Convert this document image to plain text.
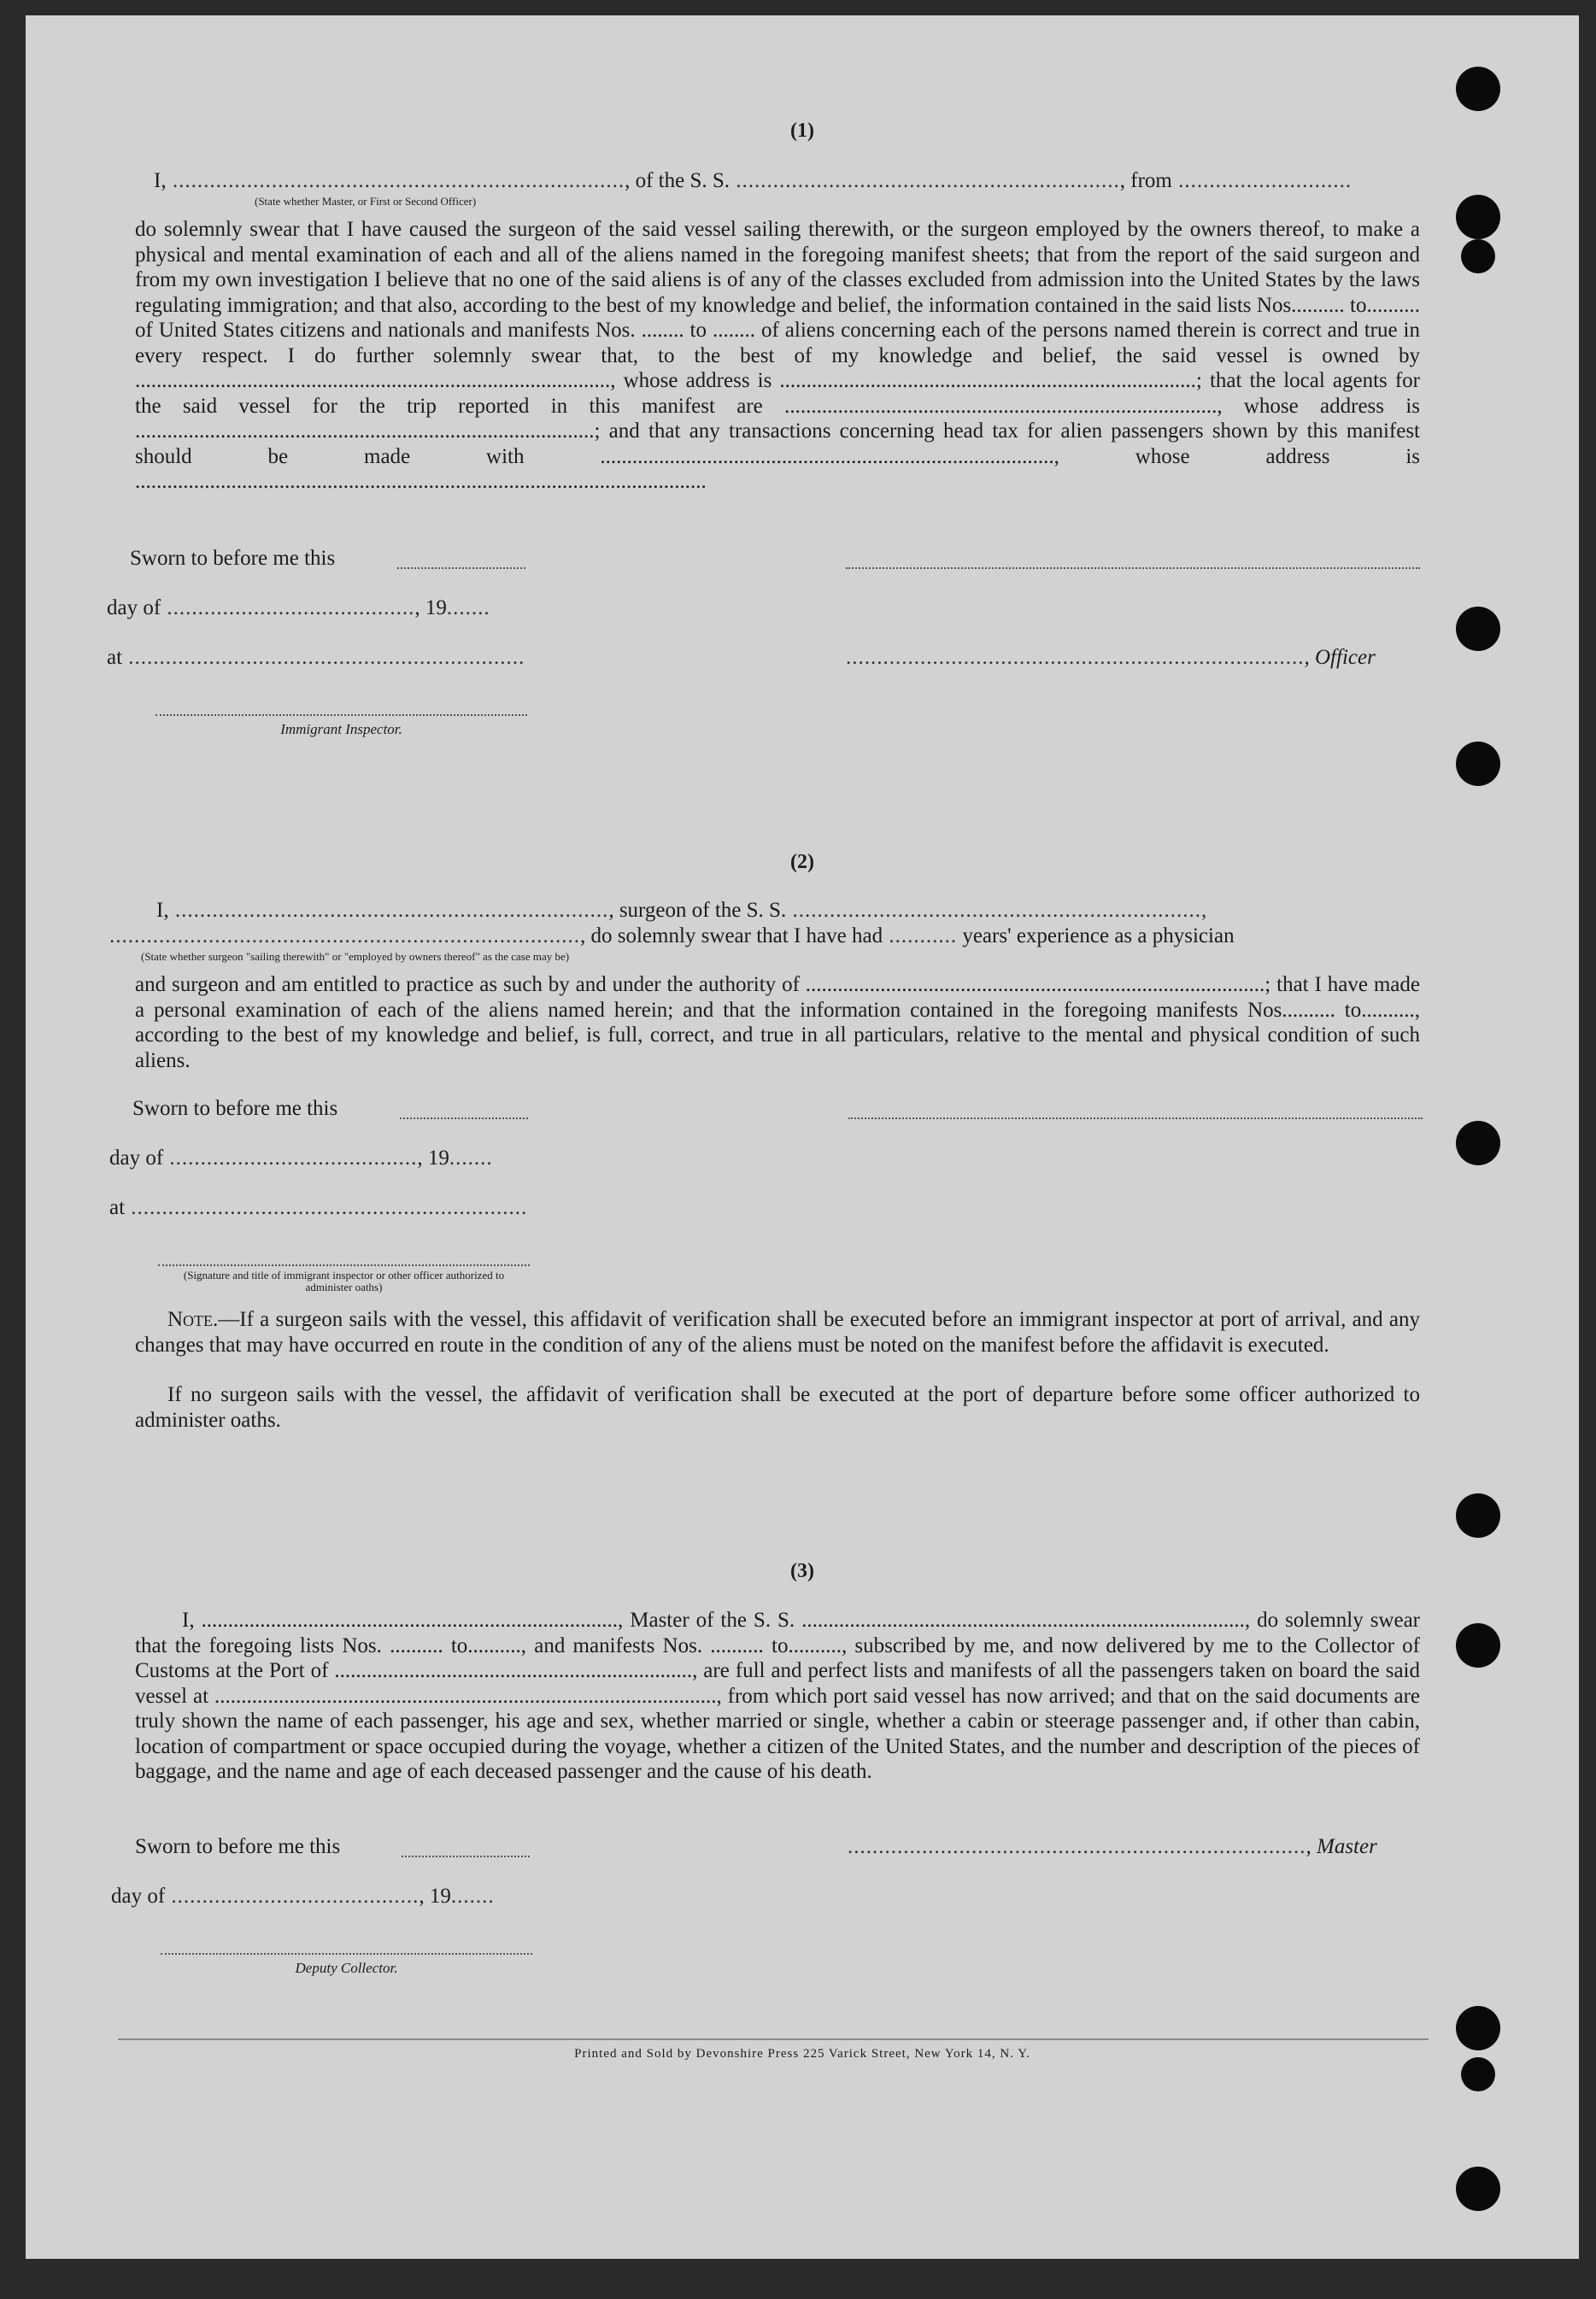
(1)
I, ........................................................................., of the S. S. .............................................................., from ............................
(State whether Master, or First or Second Officer)
do solemnly swear that I have caused the surgeon of the said vessel sailing therewith, or the surgeon employed by the owners thereof, to make a physical and mental examination of each and all of the aliens named in the foregoing manifest sheets; that from the report of the said surgeon and from my own investigation I believe that no one of the said aliens is of any of the classes excluded from admission into the United States by the laws regulating immigration; and that also, according to the best of my knowledge and belief, the information contained in the said lists Nos.......... to.......... of United States citizens and nationals and manifests Nos. ........ to ........ of aliens concerning each of the persons named therein is correct and true in every respect. I do further solemnly swear that, to the best of my knowledge and belief, the said vessel is owned by ........................................................................................., whose address is ..............................................................................; that the local agents for the said vessel for the trip reported in this manifest are ................................................................................., whose address is ......................................................................................; and that any transactions concerning head tax for alien passengers shown by this manifest should be made with ....................................................................................., whose address is ...........................................................................................................
Sworn to before me this
day of ........................................, 19.......
at ................................................................	.........................................................................., Officer
Immigrant Inspector.
(2)
I, ......................................................................, surgeon of the S. S. ..................................................................,
............................................................................, do solemnly swear that I have had ........... years' experience as a physician
(State whether surgeon "sailing therewith" or "employed by owners thereof" as the case may be)
and surgeon and am entitled to practice as such by and under the authority of ......................................................................................; that I have made a personal examination of each of the aliens named herein; and that the information contained in the foregoing manifests Nos.......... to.........., according to the best of my knowledge and belief, is full, correct, and true in all particulars, relative to the mental and physical condition of such aliens.
Sworn to before me this
day of ........................................, 19.......
at ................................................................
(Signature and title of immigrant inspector or other officer authorized to administer oaths)
Note.—If a surgeon sails with the vessel, this affidavit of verification shall be executed before an immigrant inspector at port of arrival, and any changes that may have occurred en route in the condition of any of the aliens must be noted on the manifest before the affidavit is executed.
If no surgeon sails with the vessel, the affidavit of verification shall be executed at the port of departure before some officer authorized to administer oaths.
(3)
I, .............................................................................., Master of the S. S. ..................................................................................., do solemnly swear that the foregoing lists Nos. .......... to.........., and manifests Nos. .......... to.........., subscribed by me, and now delivered by me to the Collector of Customs at the Port of ..................................................................., are full and perfect lists and manifests of all the passengers taken on board the said vessel at .............................................................................................., from which port said vessel has now arrived; and that on the said documents are truly shown the name of each passenger, his age and sex, whether married or single, whether a cabin or steerage passenger and, if other than cabin, location of compartment or space occupied during the voyage, whether a citizen of the United States, and the number and description of the pieces of baggage, and the name and age of each deceased passenger and the cause of his death.
Sworn to before me this	.........................................................................., Master
day of ........................................, 19.......
Deputy Collector.
Printed and Sold by Devonshire Press 225 Varick Street, New York 14, N. Y.
